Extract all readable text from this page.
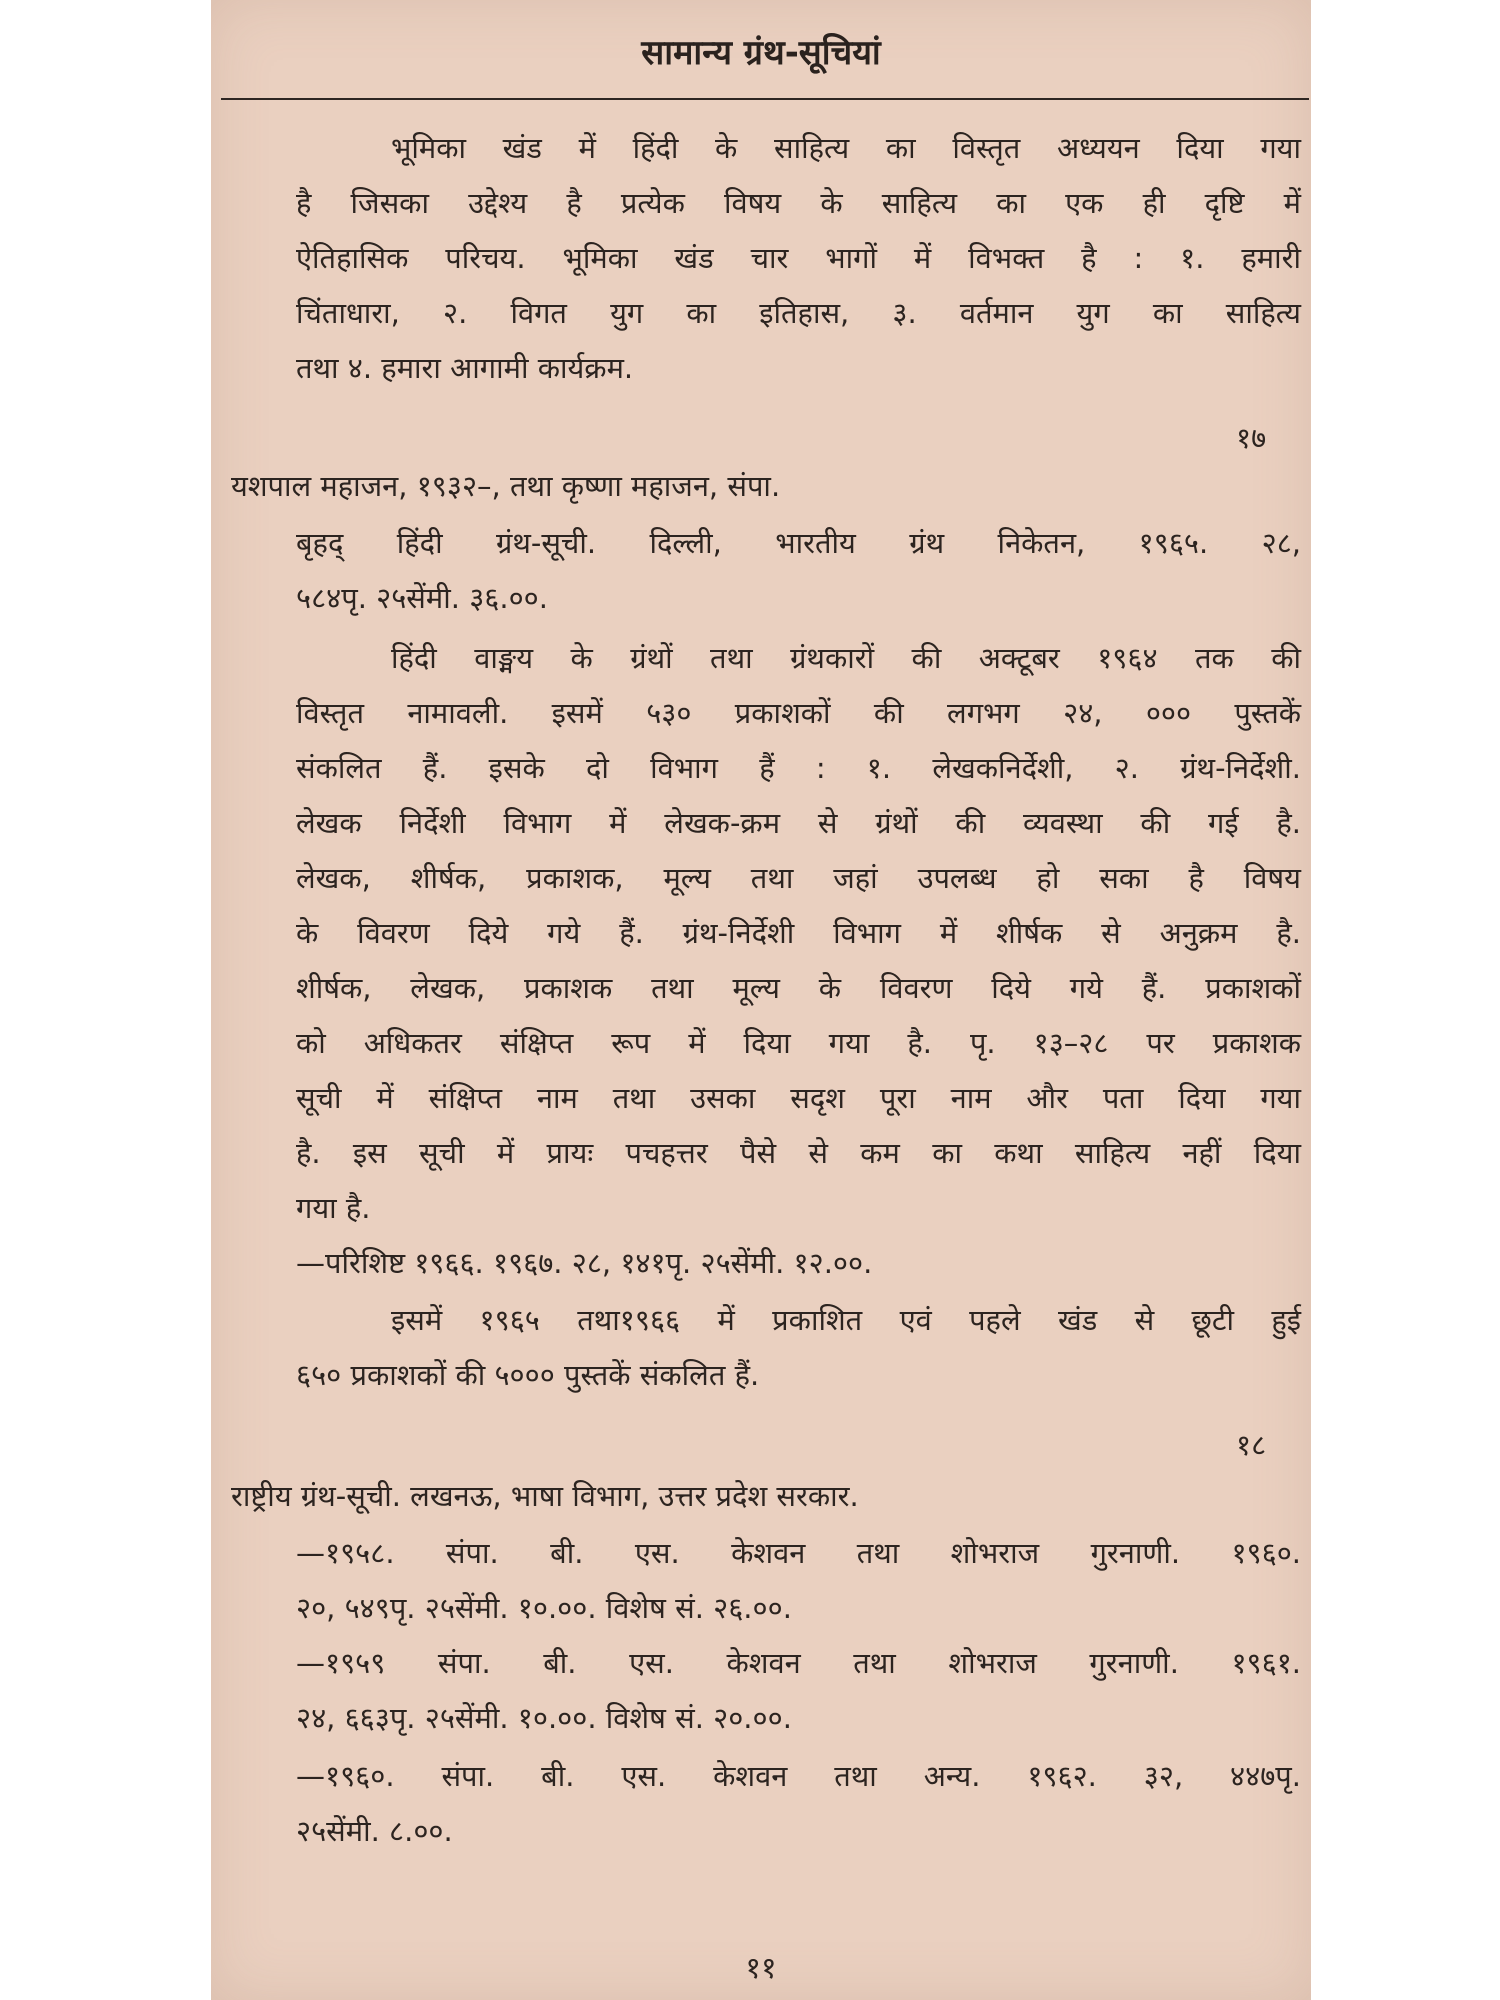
सामान्य ग्रंथ-सूचियां
भूमिका खंड में हिंदी के साहित्य का विस्तृत अध्ययन दिया गया
है जिसका उद्देश्य है प्रत्येक विषय के साहित्य का एक ही दृष्टि में
ऐतिहासिक परिचय. भूमिका खंड चार भागों में विभक्त है : १. हमारी
चिंताधारा, २. विगत युग का इतिहास, ३. वर्तमान युग का साहित्य
तथा ४. हमारा आगामी कार्यक्रम.
१७
यशपाल महाजन, १९३२–, तथा कृष्णा महाजन, संपा.
बृहद् हिंदी ग्रंथ-सूची. दिल्ली, भारतीय ग्रंथ निकेतन, १९६५. २८,
५८४पृ. २५सेंमी. ३६.००.
हिंदी वाङ्मय के ग्रंथों तथा ग्रंथकारों की अक्टूबर १९६४ तक की
विस्तृत नामावली. इसमें ५३० प्रकाशकों की लगभग २४, ००० पुस्तकें
संकलित हैं. इसके दो विभाग हैं : १. लेखकनिर्देशी, २. ग्रंथ-निर्देशी.
लेखक निर्देशी विभाग में लेखक-क्रम से ग्रंथों की व्यवस्था की गई है.
लेखक, शीर्षक, प्रकाशक, मूल्य तथा जहां उपलब्ध हो सका है विषय
के विवरण दिये गये हैं. ग्रंथ-निर्देशी विभाग में शीर्षक से अनुक्रम है.
शीर्षक, लेखक, प्रकाशक तथा मूल्य के विवरण दिये गये हैं. प्रकाशकों
को अधिकतर संक्षिप्त रूप में दिया गया है. पृ. १३–२८ पर प्रकाशक
सूची में संक्षिप्त नाम तथा उसका सदृश पूरा नाम और पता दिया गया
है. इस सूची में प्रायः पचहत्तर पैसे से कम का कथा साहित्य नहीं दिया
गया है.
—परिशिष्ट १९६६. १९६७. २८, १४१पृ. २५सेंमी. १२.००.
इसमें १९६५ तथा१९६६ में प्रकाशित एवं पहले खंड से छूटी हुई
६५० प्रकाशकों की ५००० पुस्तकें संकलित हैं.
१८
राष्ट्रीय ग्रंथ-सूची. लखनऊ, भाषा विभाग, उत्तर प्रदेश सरकार.
—१९५८. संपा. बी. एस. केशवन तथा शोभराज गुरनाणी. १९६०.
२०, ५४९पृ. २५सेंमी. १०.००. विशेष सं. २६.००.
—१९५९ संपा. बी. एस. केशवन तथा शोभराज गुरनाणी. १९६१.
२४, ६६३पृ. २५सेंमी. १०.००. विशेष सं. २०.००.
—१९६०. संपा. बी. एस. केशवन तथा अन्य. १९६२. ३२, ४४७पृ.
२५सेंमी. ८.००.
११
